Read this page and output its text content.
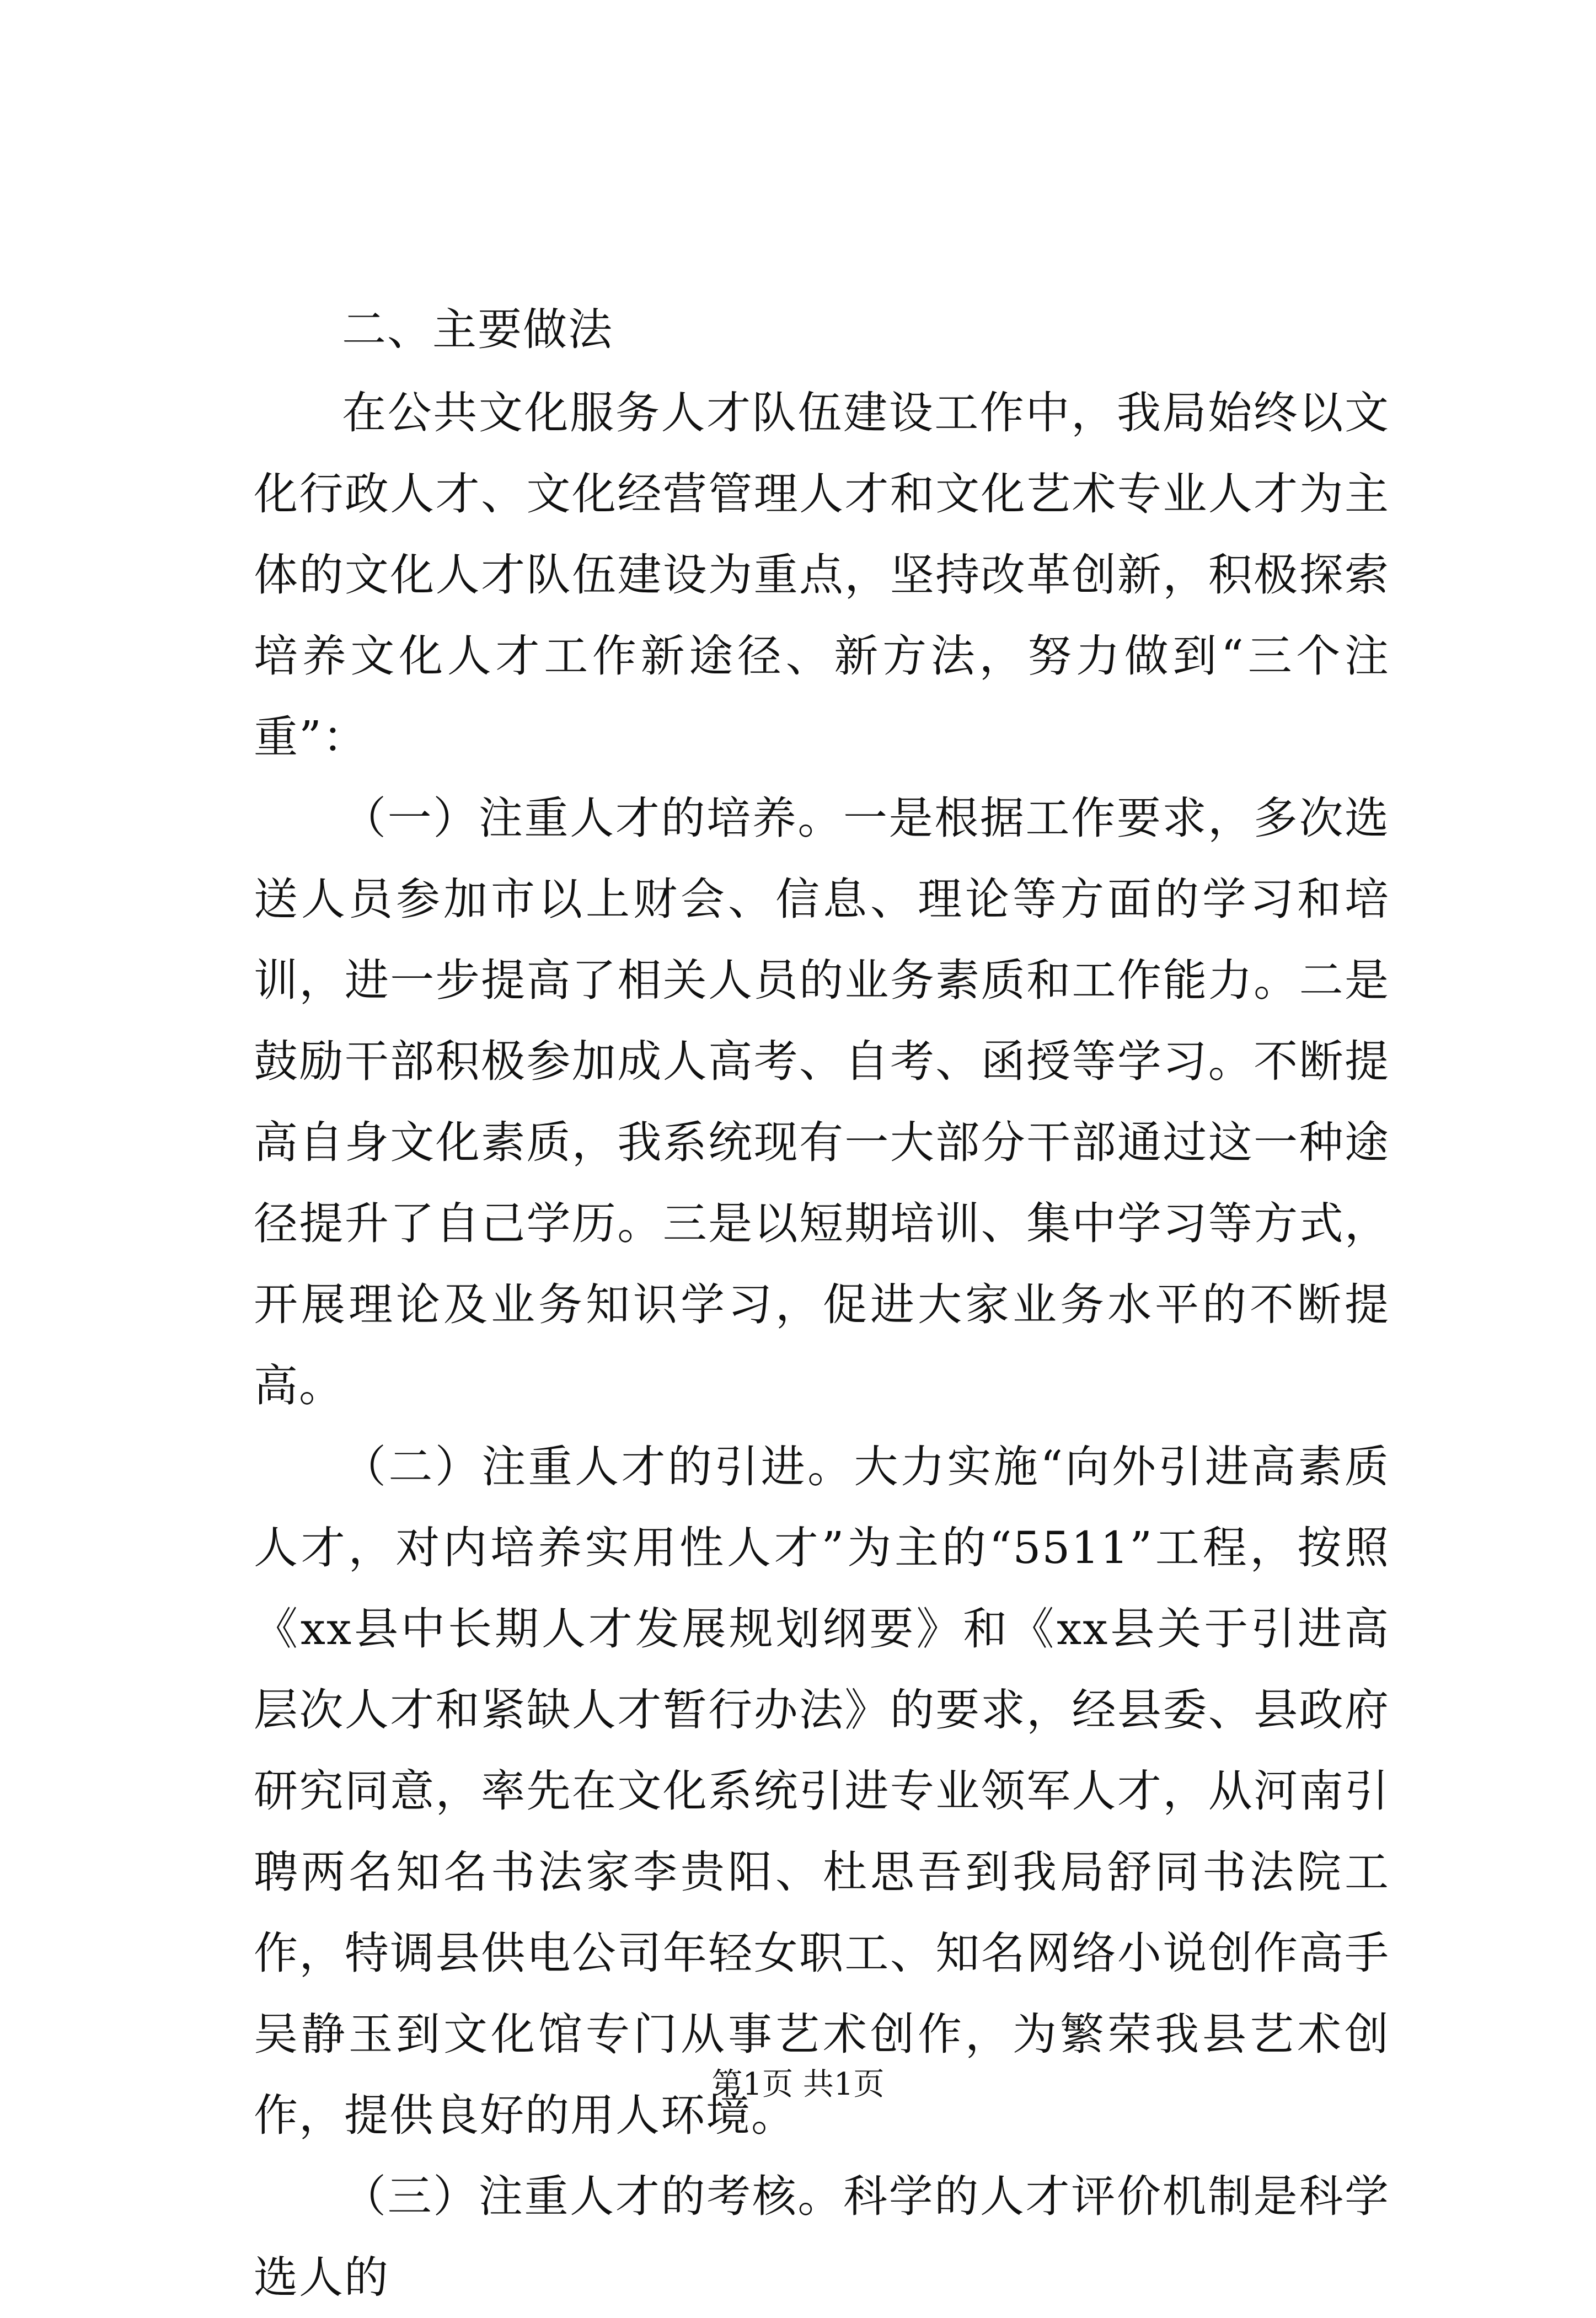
二、主要做法

在公共文化服务人才队伍建设工作中，我局始终以文化行政人才、文化经营管理人才和文化艺术专业人才为主体的文化人才队伍建设为重点，坚持改革创新，积极探索培养文化人才工作新途径、新方法，努力做到“三个注重”：

（一）注重人才的培养。一是根据工作要求，多次选送人员参加市以上财会、信息、理论等方面的学习和培训，进一步提高了相关人员的业务素质和工作能力。二是鼓励干部积极参加成人高考、自考、函授等学习。不断提高自身文化素质，我系统现有一大部分干部通过这一种途径提升了自己学历。三是以短期培训、集中学习等方式，开展理论及业务知识学习，促进大家业务水平的不断提高。

（二）注重人才的引进。大力实施“向外引进高素质人才，对内培养实用性人才”为主的“5511”工程，按照《xx县中长期人才发展规划纲要》和《xx县关于引进高层次人才和紧缺人才暂行办法》的要求，经县委、县政府研究同意，率先在文化系统引进专业领军人才，从河南引聘两名知名书法家李贵阳、杜思吾到我局舒同书法院工作，特调县供电公司年轻女职工、知名网络小说创作高手吴静玉到文化馆专门从事艺术创作，为繁荣我县艺术创作，提供良好的用人环境。

（三）注重人才的考核。科学的人才评价机制是科学选人的

第1页 共1页
